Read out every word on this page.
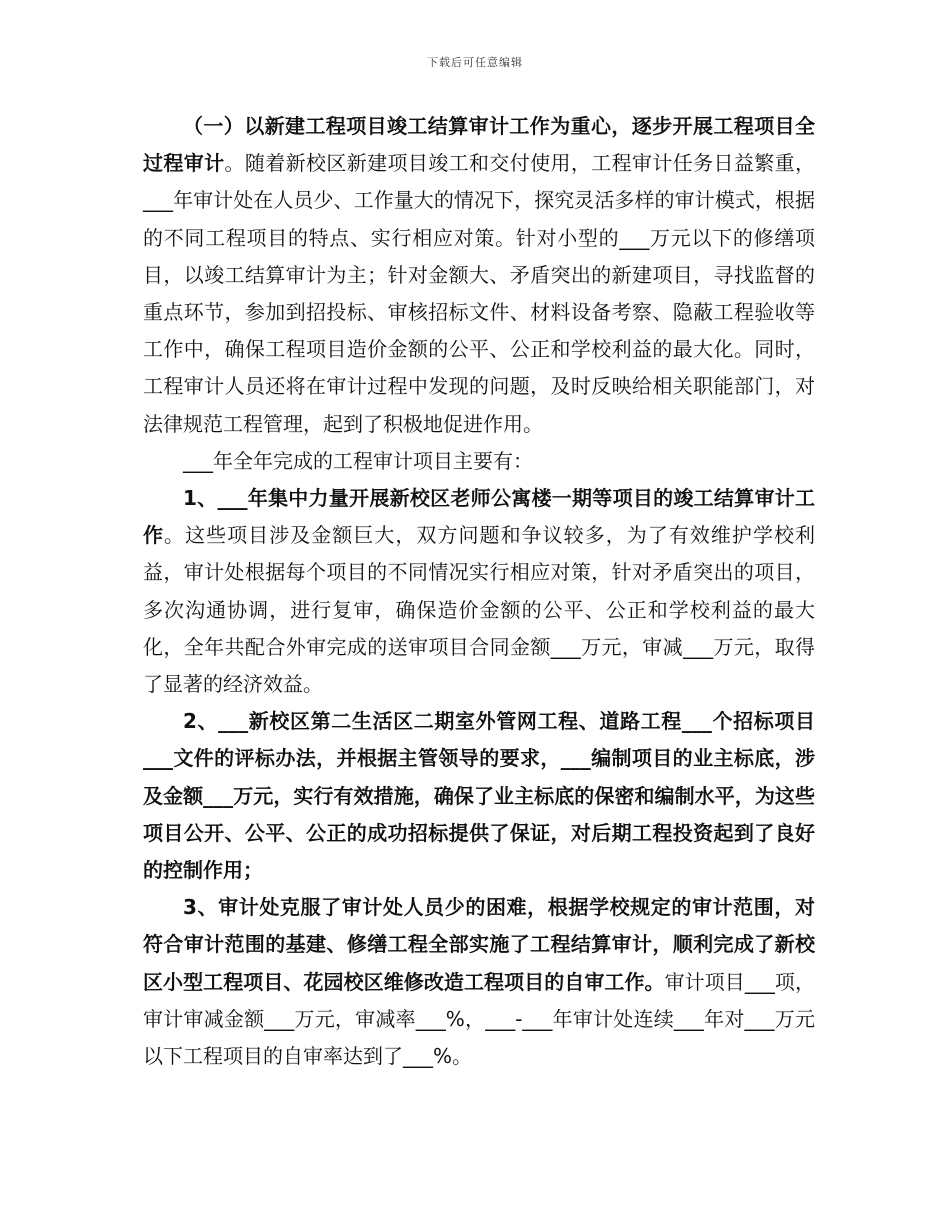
下载后可任意编辑

（一）以新建工程项目竣工结算审计工作为重心，逐步开展工程项目全过程审计。随着新校区新建项目竣工和交付使用，工程审计任务日益繁重，___年审计处在人员少、工作量大的情况下，探究灵活多样的审计模式，根据的不同工程项目的特点、实行相应对策。针对小型的___万元以下的修缮项目，以竣工结算审计为主；针对金额大、矛盾突出的新建项目，寻找监督的重点环节，参加到招投标、审核招标文件、材料设备考察、隐蔽工程验收等工作中，确保工程项目造价金额的公平、公正和学校利益的最大化。同时，工程审计人员还将在审计过程中发现的问题，及时反映给相关职能部门，对法律规范工程管理，起到了积极地促进作用。

___年全年完成的工程审计项目主要有：

1、___年集中力量开展新校区老师公寓楼一期等项目的竣工结算审计工作。这些项目涉及金额巨大，双方问题和争议较多，为了有效维护学校利益，审计处根据每个项目的不同情况实行相应对策，针对矛盾突出的项目，多次沟通协调，进行复审，确保造价金额的公平、公正和学校利益的最大化，全年共配合外审完成的送审项目合同金额___万元，审减___万元，取得了显著的经济效益。

2、___新校区第二生活区二期室外管网工程、道路工程___个招标项目___文件的评标办法，并根据主管领导的要求，___编制项目的业主标底，涉及金额___万元，实行有效措施，确保了业主标底的保密和编制水平，为这些项目公开、公平、公正的成功招标提供了保证，对后期工程投资起到了良好的控制作用；

3、审计处克服了审计处人员少的困难，根据学校规定的审计范围，对符合审计范围的基建、修缮工程全部实施了工程结算审计，顺利完成了新校区小型工程项目、花园校区维修改造工程项目的自审工作。审计项目___项，审计审减金额___万元，审减率___%，___-___年审计处连续___年对___万元以下工程项目的自审率达到了___%。
